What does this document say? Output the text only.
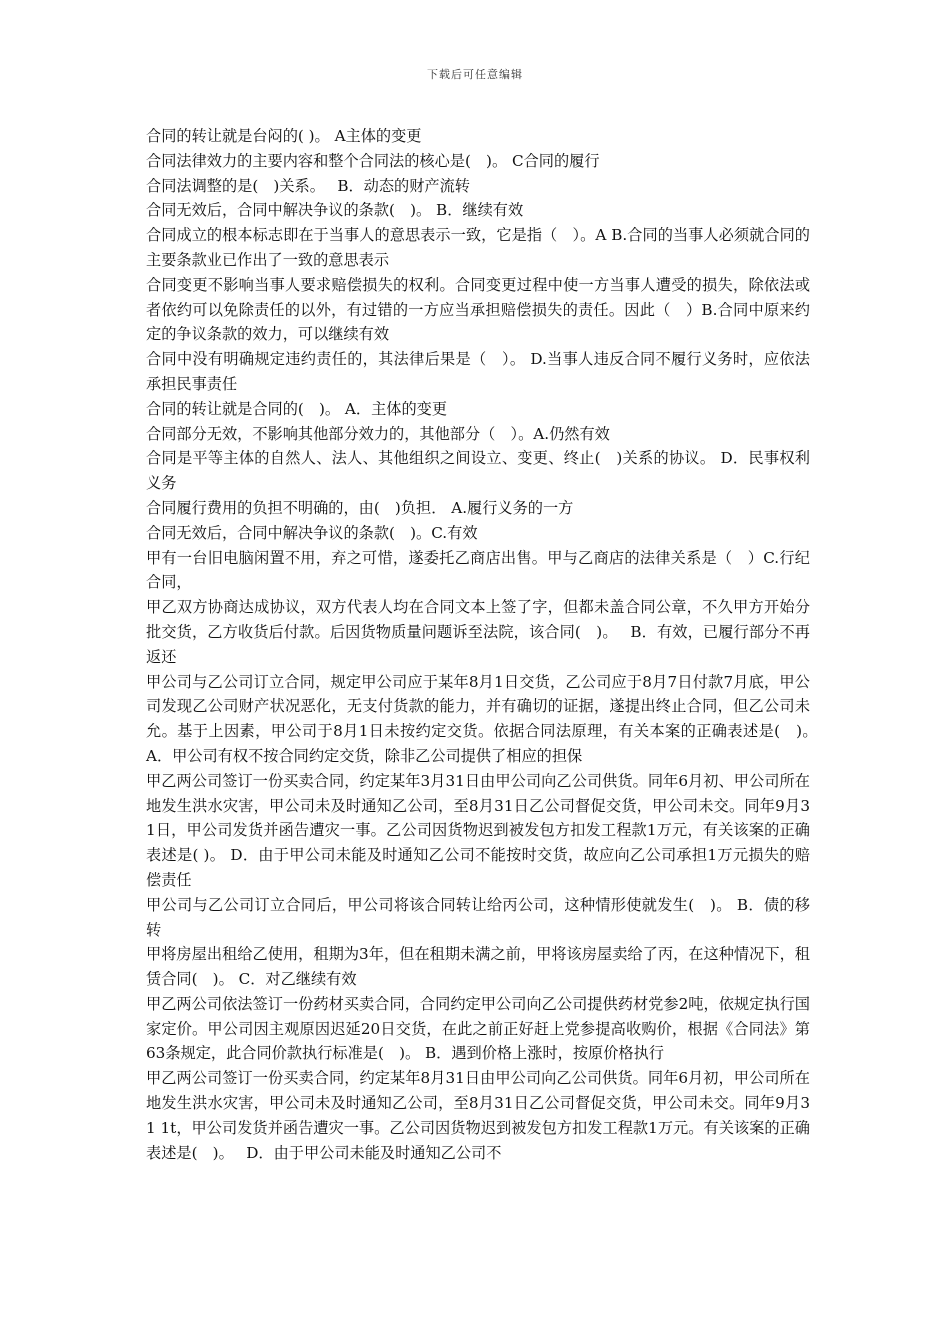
下载后可任意编辑

合同的转让就是台闷的( )。 A主体的变更

合同法律效力的主要内容和整个合同法的核心是(　)。 C合同的履行

合同法调整的是(　)关系。　 B．动态的财产流转

合同无效后，合同中解决争议的条款(　)。 B．继续有效

合同成立的根本标志即在于当事人的意思表示一致，它是指（　）。A B.合同的当事人必须就合同的主要条款业已作出了一致的意思表示

合同变更不影响当事人要求赔偿损失的权利。合同变更过程中使一方当事人遭受的损失，除依法或者依约可以免除责任的以外，有过错的一方应当承担赔偿损失的责任。因此（　）B.合同中原来约定的争议条款的效力，可以继续有效

合同中没有明确规定违约责任的，其法律后果是（　）。 D.当事人违反合同不履行义务时，应依法承担民事责任

合同的转让就是合同的(　)。 A．主体的变更

合同部分无效，不影响其他部分效力的，其他部分（　）。A.仍然有效

合同是平等主体的自然人、法人、其他组织之间设立、变更、终止(　)关系的协议。 D．民事权利义务

合同履行费用的负担不明确的，由(　)负担． A.履行义务的一方

合同无效后，合同中解决争议的条款(　)。C.有效

甲有一台旧电脑闲置不用，弃之可惜，遂委托乙商店出售。甲与乙商店的法律关系是（　）C.行纪合同，

甲乙双方协商达成协议，双方代表人均在合同文本上签了字，但都未盖合同公章，不久甲方开始分批交货，乙方收货后付款。后因货物质量问题诉至法院，该合同(　)。　 B．有效，已履行部分不再返还

甲公司与乙公司订立合同，规定甲公司应于某年8月1日交货，乙公司应于8月7日付款7月底，甲公司发现乙公司财产状况恶化，无支付货款的能力，并有确切的证据，遂提出终止合同，但乙公司未允。基于上因素，甲公司于8月1日未按约定交货。依据合同法原理，有关本案的正确表述是(　)。　 A．甲公司有权不按合同约定交货，除非乙公司提供了相应的担保

甲乙两公司签订一份买卖合同，约定某年3月31日由甲公司向乙公司供货。同年6月初、甲公司所在地发生洪水灾害，甲公司未及时通知乙公司，至8月31日乙公司督促交货，甲公司未交。同年9月31日，甲公司发货并函告遭灾一事。乙公司因货物迟到被发包方扣发工程款1万元，有关该案的正确表述是( )。 D．由于甲公司未能及时通知乙公司不能按时交货，故应向乙公司承担1万元损失的赔偿责任

甲公司与乙公司订立合同后，甲公司将该合同转让给丙公司，这种情形使就发生(　)。 B．债的移转

甲将房屋出租给乙使用，租期为3年，但在租期未满之前，甲将该房屋卖给了丙，在这种情况下，租赁合同(　)。 C．对乙继续有效

甲乙两公司依法签订一份药材买卖合同，合同约定甲公司向乙公司提供药材党参2吨，依规定执行国家定价。甲公司因主观原因迟延20日交货，在此之前正好赶上党参提高收购价，根据《合同法》第63条规定，此合同价款执行标准是(　)。 B．遇到价格上涨时，按原价格执行

甲乙两公司签订一份买卖合同，约定某年8月31日由甲公司向乙公司供货。同年6月初，甲公司所在地发生洪水灾害，甲公司未及时通知乙公司，至8月31日乙公司督促交货，甲公司未交。同年9月31 1t，甲公司发货并函告遭灾一事。乙公司因货物迟到被发包方扣发工程款1万元。有关该案的正确表述是(　)。　 D．由于甲公司未能及时通知乙公司不
